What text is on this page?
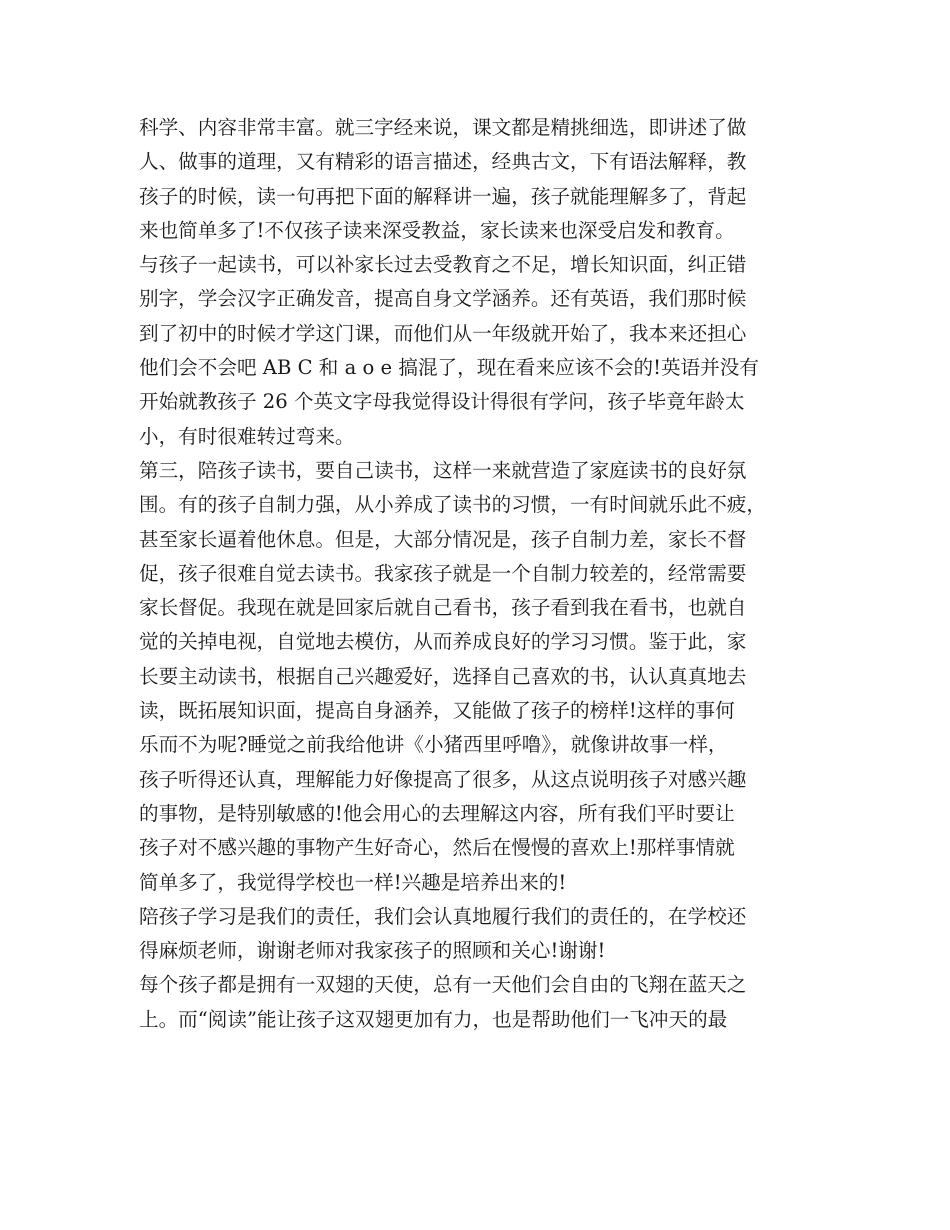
科学、内容非常丰富。就三字经来说，课文都是精挑细选，即讲述了做
人、做事的道理，又有精彩的语言描述，经典古文，下有语法解释，教
孩子的时候，读一句再把下面的解释讲一遍，孩子就能理解多了，背起
来也简单多了!不仅孩子读来深受教益，家长读来也深受启发和教育。
与孩子一起读书，可以补家长过去受教育之不足，增长知识面，纠正错
别字，学会汉字正确发音，提高自身文学涵养。还有英语，我们那时候
到了初中的时候才学这门课，而他们从一年级就开始了，我本来还担心
他们会不会吧 AB C 和 a o e 搞混了，现在看来应该不会的!英语并没有
开始就教孩子 26 个英文字母我觉得设计得很有学问，孩子毕竟年龄太
小，有时很难转过弯来。
第三，陪孩子读书，要自己读书，这样一来就营造了家庭读书的良好氛
围。有的孩子自制力强，从小养成了读书的习惯，一有时间就乐此不疲，
甚至家长逼着他休息。但是，大部分情况是，孩子自制力差，家长不督
促，孩子很难自觉去读书。我家孩子就是一个自制力较差的，经常需要
家长督促。我现在就是回家后就自己看书，孩子看到我在看书，也就自
觉的关掉电视，自觉地去模仿，从而养成良好的学习习惯。鉴于此，家
长要主动读书，根据自己兴趣爱好，选择自己喜欢的书，认认真真地去
读，既拓展知识面，提高自身涵养，又能做了孩子的榜样!这样的事何
乐而不为呢?睡觉之前我给他讲《小猪西里呼噜》，就像讲故事一样，
孩子听得还认真，理解能力好像提高了很多，从这点说明孩子对感兴趣
的事物，是特别敏感的!他会用心的去理解这内容，所有我们平时要让
孩子对不感兴趣的事物产生好奇心，然后在慢慢的喜欢上!那样事情就
简单多了，我觉得学校也一样!兴趣是培养出来的!
陪孩子学习是我们的责任，我们会认真地履行我们的责任的，在学校还
得麻烦老师，谢谢老师对我家孩子的照顾和关心!谢谢!
每个孩子都是拥有一双翅的天使，总有一天他们会自由的飞翔在蓝天之
上。而“阅读”能让孩子这双翅更加有力，也是帮助他们一飞冲天的最
